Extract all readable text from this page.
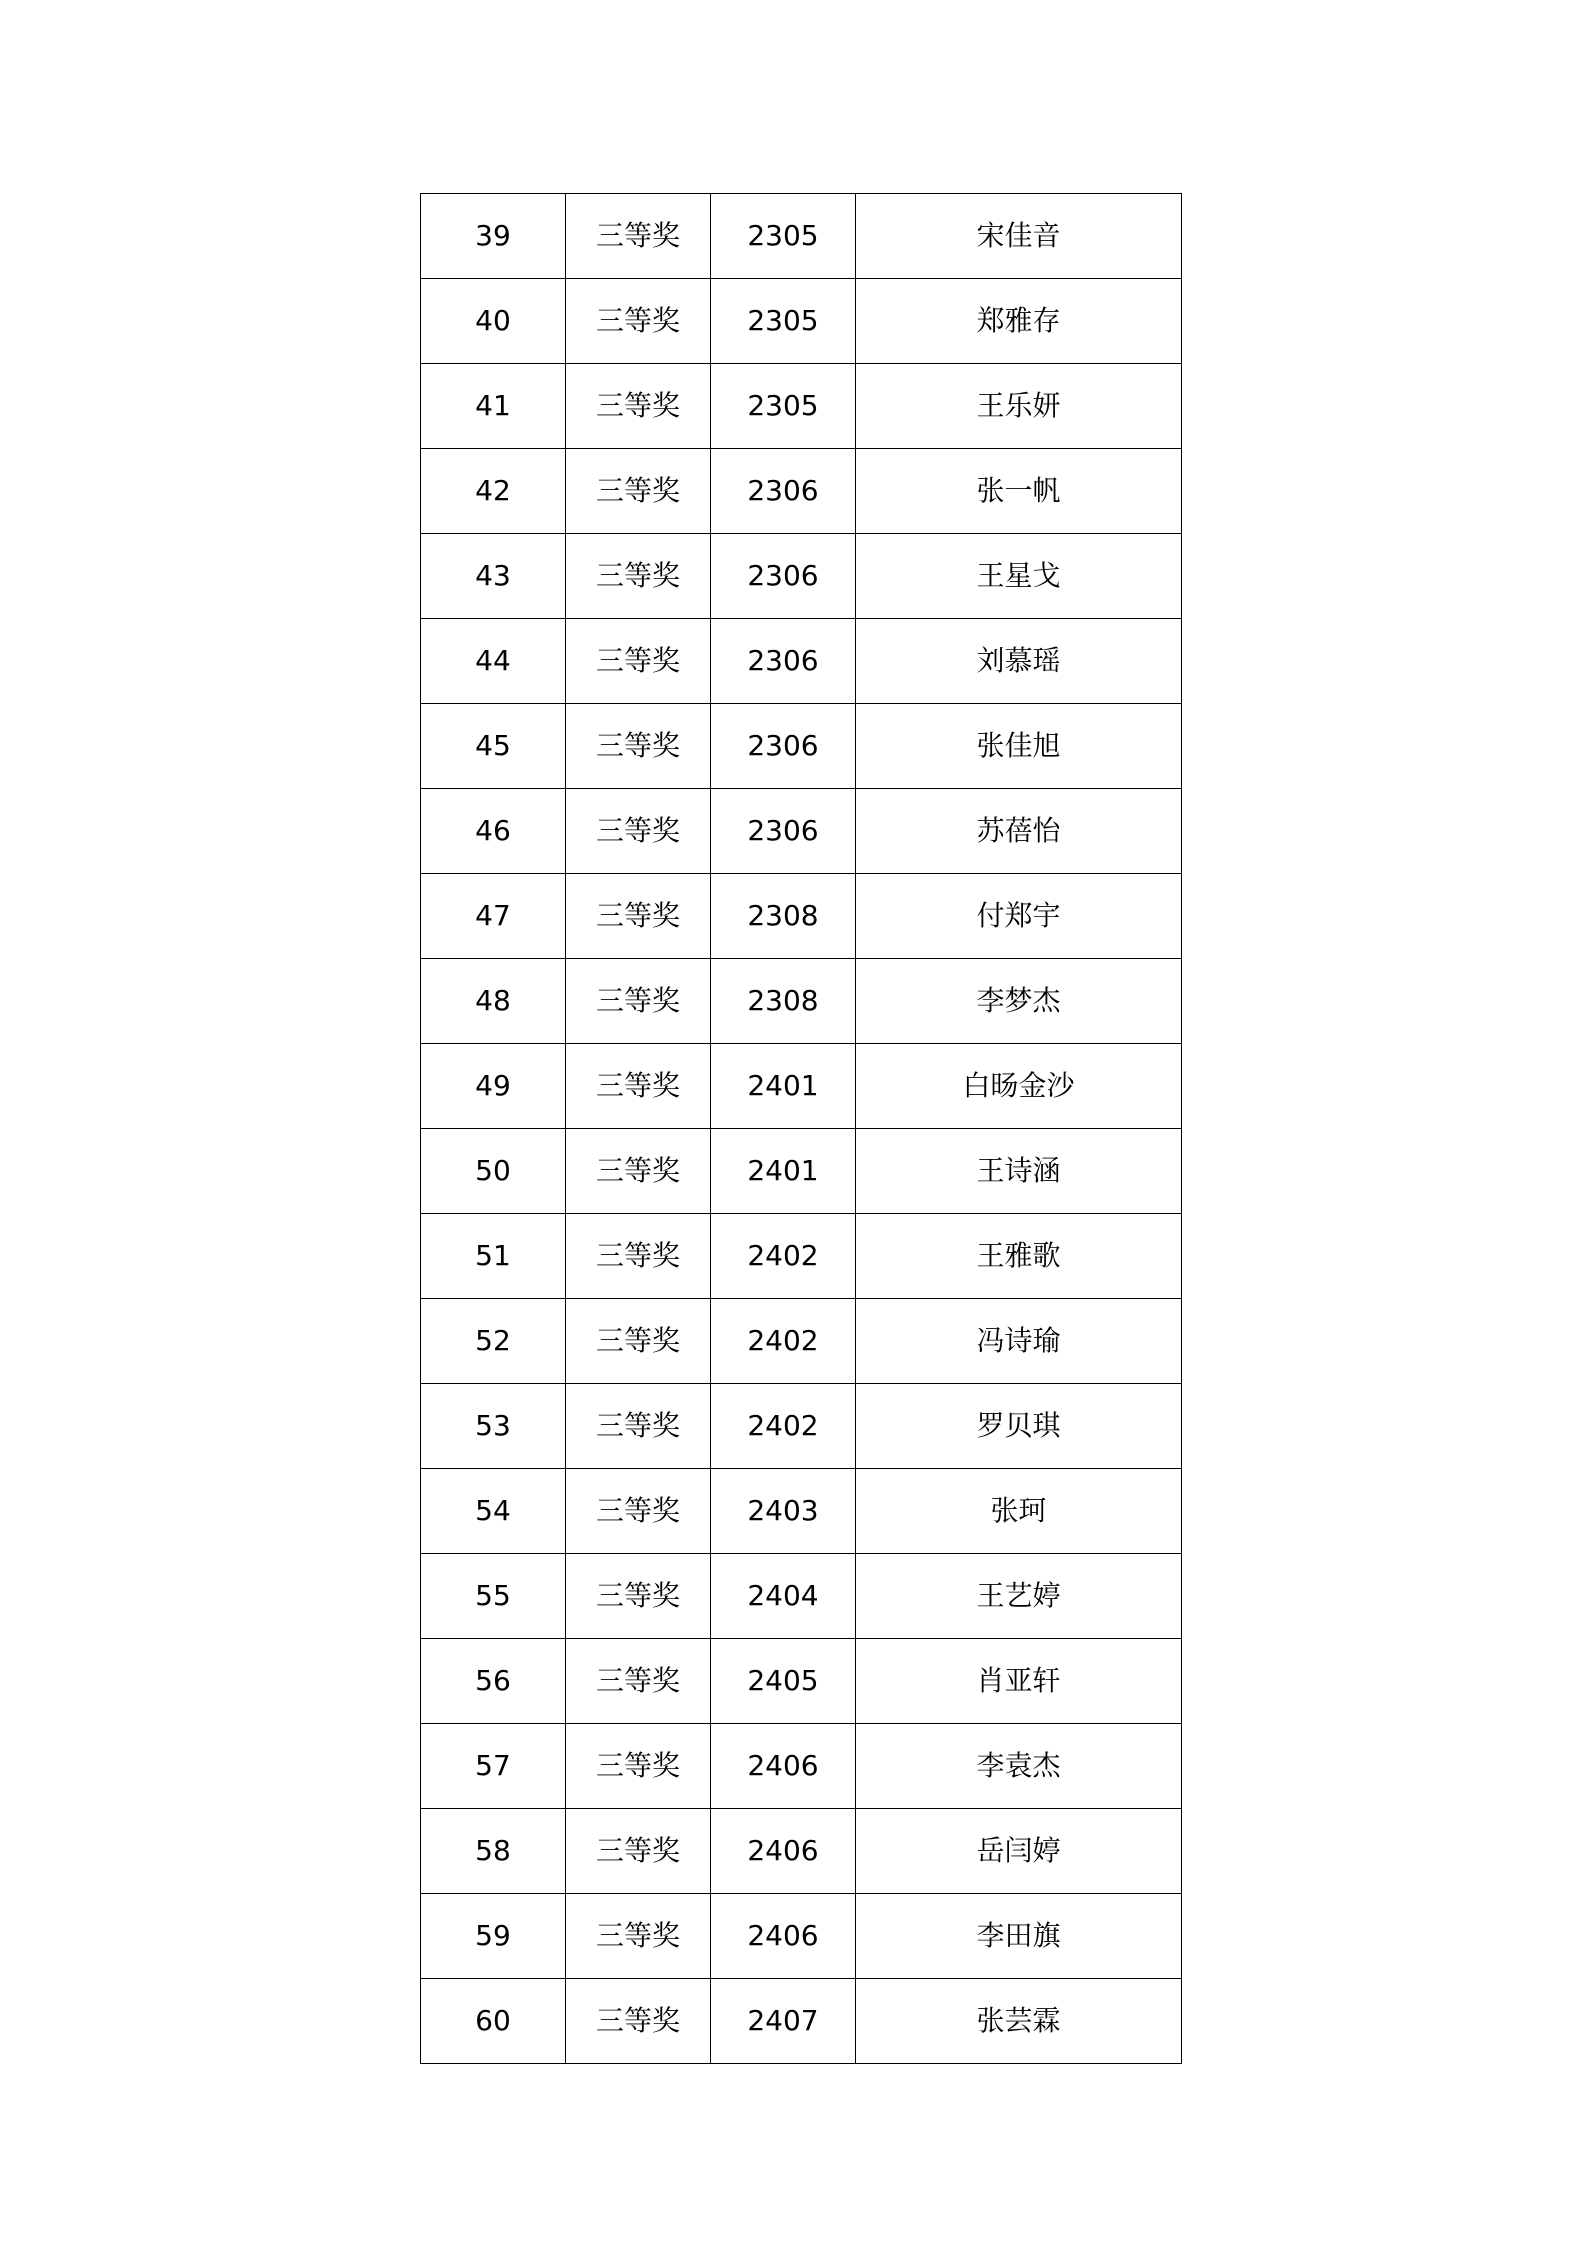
39	三等奖	2305	宋佳音
40	三等奖	2305	郑雅存
41	三等奖	2305	王乐妍
42	三等奖	2306	张一帆
43	三等奖	2306	王星戈
44	三等奖	2306	刘慕瑶
45	三等奖	2306	张佳旭
46	三等奖	2306	苏蓓怡
47	三等奖	2308	付郑宇
48	三等奖	2308	李梦杰
49	三等奖	2401	白旸金沙
50	三等奖	2401	王诗涵
51	三等奖	2402	王雅歌
52	三等奖	2402	冯诗瑜
53	三等奖	2402	罗贝琪
54	三等奖	2403	张珂
55	三等奖	2404	王艺婷
56	三等奖	2405	肖亚轩
57	三等奖	2406	李袁杰
58	三等奖	2406	岳闫婷
59	三等奖	2406	李田旗
60	三等奖	2407	张芸霖
